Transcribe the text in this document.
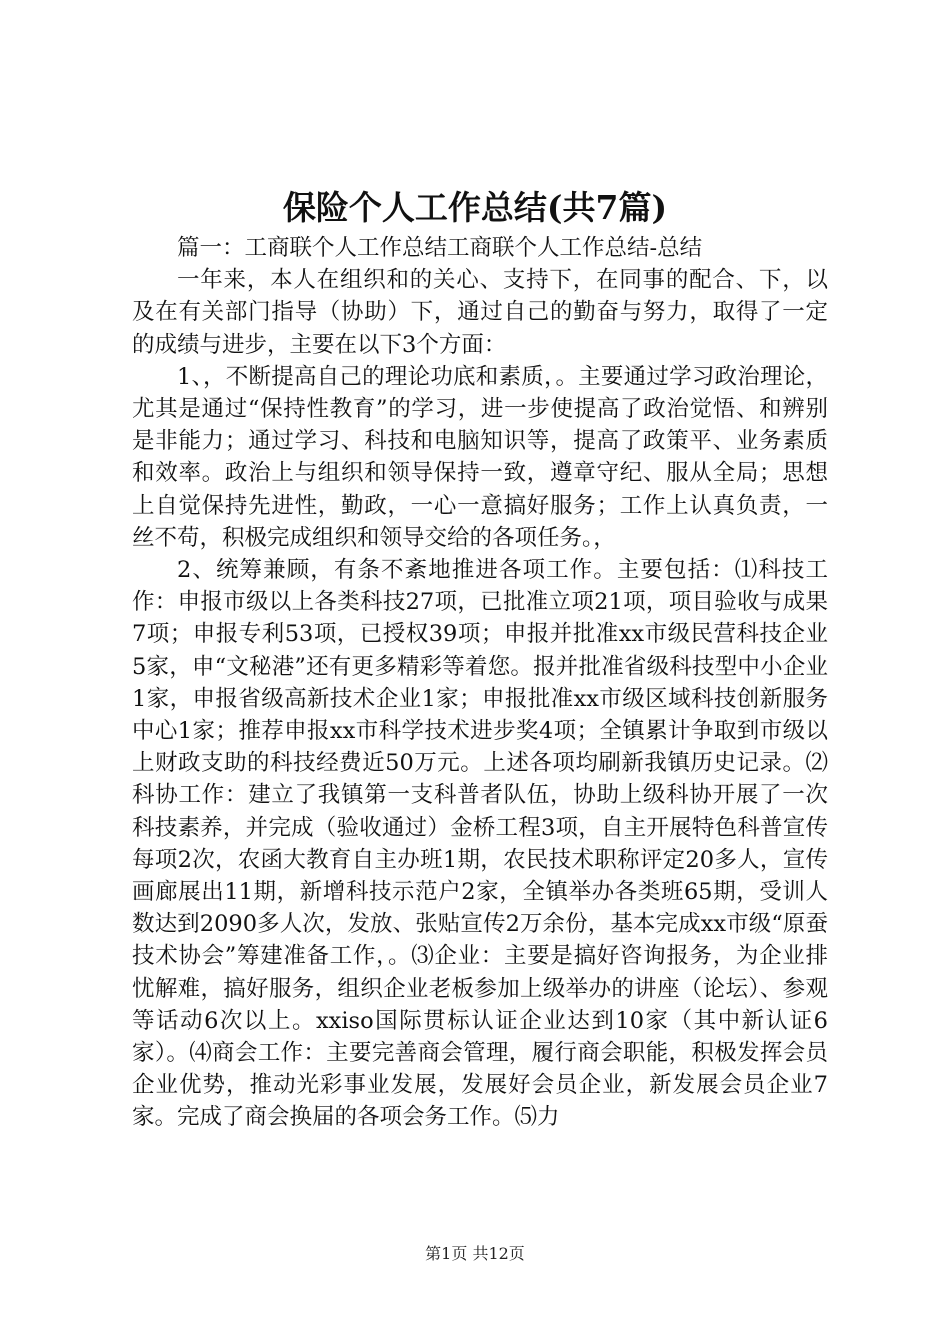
保险个人工作总结(共7篇)

篇一：工商联个人工作总结工商联个人工作总结-总结

一年来，本人在组织和的关心、支持下，在同事的配合、下，以及在有关部门指导（协助）下，通过自己的勤奋与努力，取得了一定的成绩与进步，主要在以下3个方面：

1、，不断提高自己的理论功底和素质，。主要通过学习政治理论，尤其是通过“保持性教育”的学习，进一步使提高了政治觉悟、和辨别是非能力；通过学习、科技和电脑知识等，提高了政策平、业务素质和效率。政治上与组织和领导保持一致，遵章守纪、服从全局；思想上自觉保持先进性，勤政，一心一意搞好服务；工作上认真负责，一丝不苟，积极完成组织和领导交给的各项任务。，

2、统筹兼顾，有条不紊地推进各项工作。主要包括：⑴科技工作：申报市级以上各类科技27项，已批准立项21项，项目验收与成果7项；申报专利53项，已授权39项；申报并批准xx市级民营科技企业5家，申“文秘港”还有更多精彩等着您。报并批准省级科技型中小企业1家，申报省级高新技术企业1家；申报批准xx市级区域科技创新服务中心1家；推荐申报xx市科学技术进步奖4项；全镇累计争取到市级以上财政支助的科技经费近50万元。上述各项均刷新我镇历史记录。⑵科协工作：建立了我镇第一支科普者队伍，协助上级科协开展了一次科技素养，并完成（验收通过）金桥工程3项，自主开展特色科普宣传每项2次，农函大教育自主办班1期，农民技术职称评定20多人，宣传画廊展出11期，新增科技示范户2家，全镇举办各类班65期，受训人数达到2090多人次，发放、张贴宣传2万余份，基本完成xx市级“原蚕技术协会”筹建准备工作，。⑶企业：主要是搞好咨询报务，为企业排忧解难，搞好服务，组织企业老板参加上级举办的讲座（论坛）、参观等话动6次以上。xxiso国际贯标认证企业达到10家（其中新认证6家）。⑷商会工作：主要完善商会管理，履行商会职能，积极发挥会员企业优势，推动光彩事业发展，发展好会员企业，新发展会员企业7家。完成了商会换届的各项会务工作。⑸力

第1页 共12页
